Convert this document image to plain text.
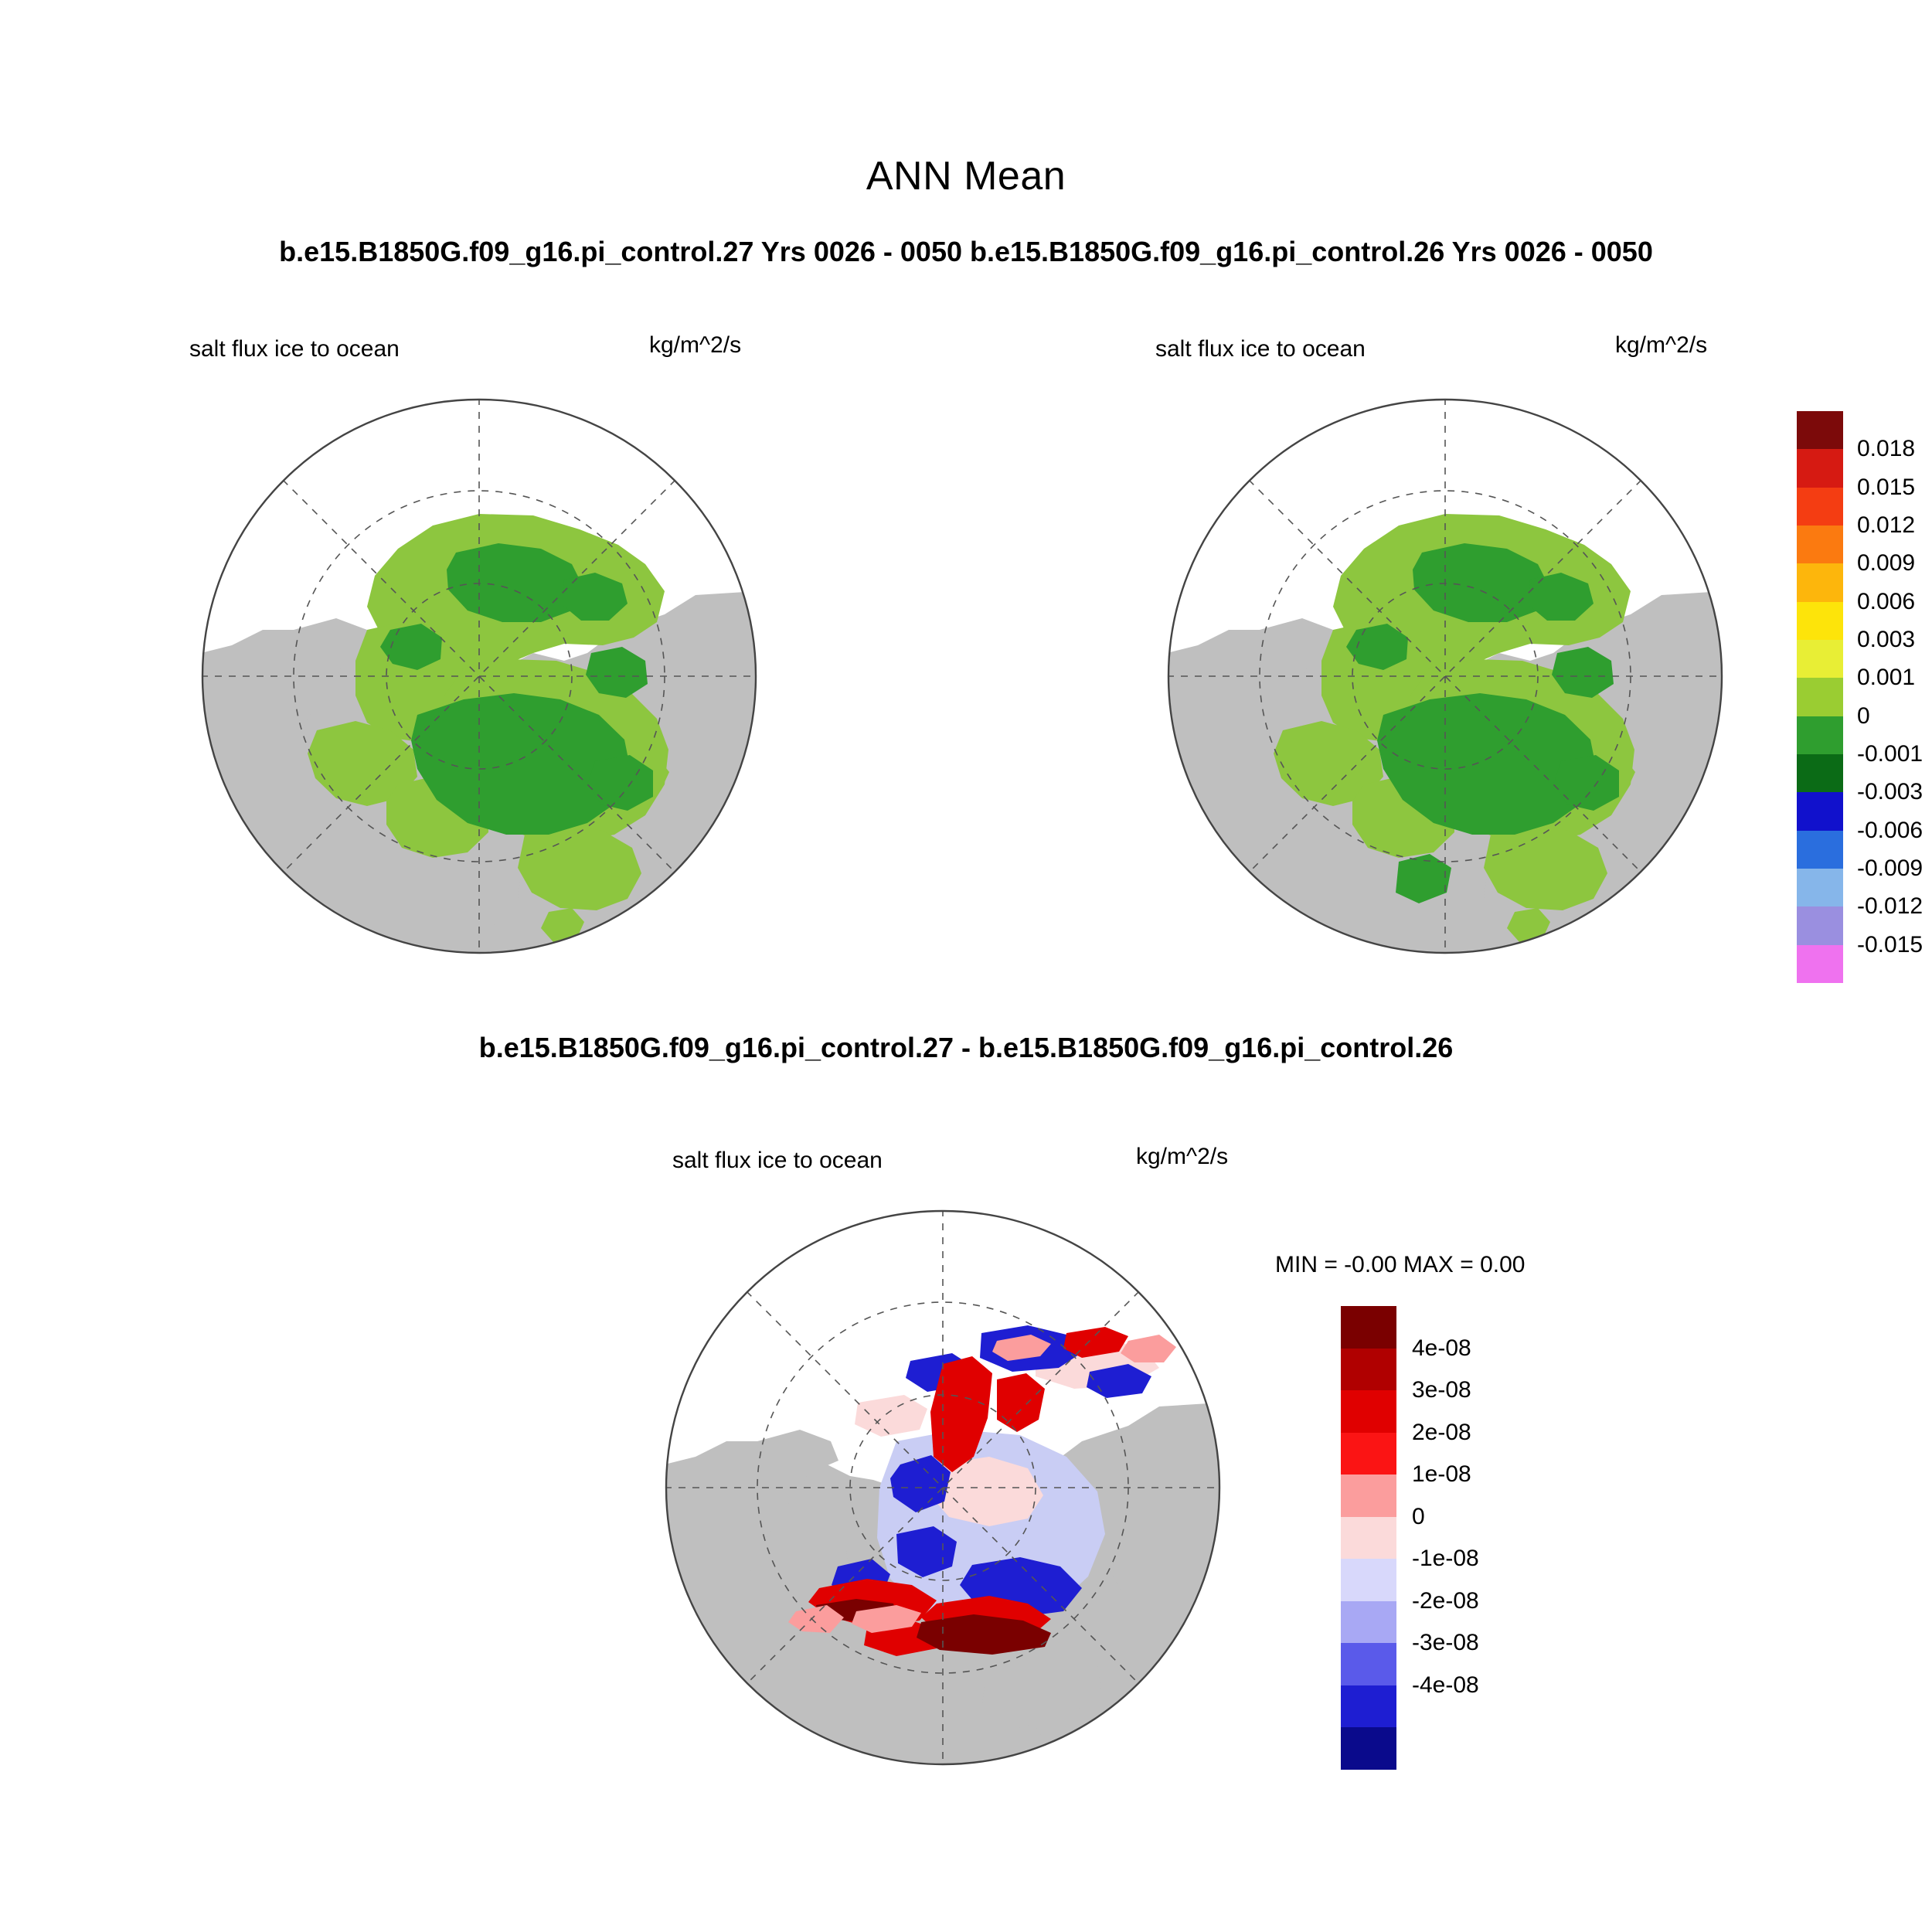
ANN Mean
b.e15.B1850G.f09_g16.pi_control.27 Yrs 0026 - 0050 b.e15.B1850G.f09_g16.pi_control.26 Yrs 0026 - 0050
salt flux ice to ocean	kg/m^2/s	salt flux ice to ocean	kg/m^2/s
0.018
0.015
0.012
0.009
0.006
0.003
0.001
0
-0.001
-0.003
-0.006
-0.009
-0.012
-0.015
b.e15.B1850G.f09_g16.pi_control.27 - b.e15.B1850G.f09_g16.pi_control.26
salt flux ice to ocean	kg/m^2/s
MIN = -0.00 MAX = 0.00
4e-08
3e-08
2e-08
1e-08
0
-1e-08
-2e-08
-3e-08
-4e-08
